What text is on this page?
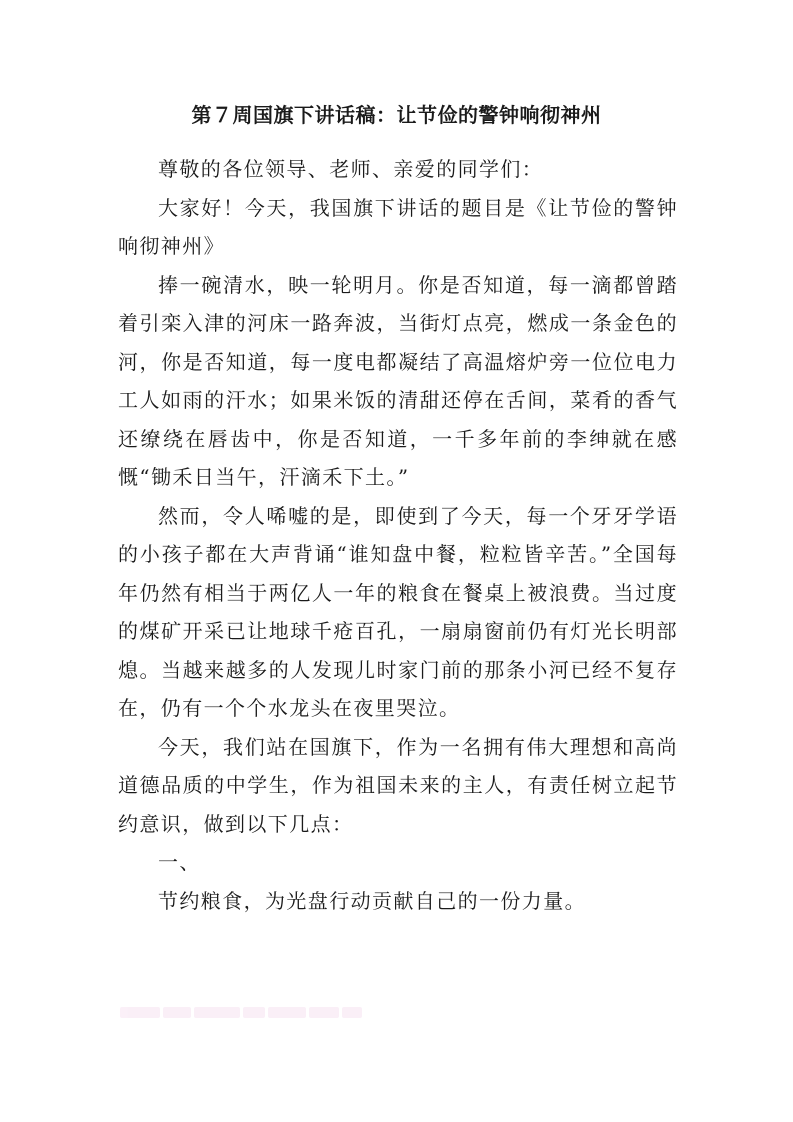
第７周国旗下讲话稿：让节俭的警钟响彻神州

尊敬的各位领导、老师、亲爱的同学们：

大家好！今天，我国旗下讲话的题目是《让节俭的警钟响彻神州》

捧一碗清水，映一轮明月。你是否知道，每一滴都曾踏着引栾入津的河床一路奔波，当街灯点亮，燃成一条金色的河，你是否知道，每一度电都凝结了高温熔炉旁一位位电力工人如雨的汗水；如果米饭的清甜还停在舌间，菜肴的香气还缭绕在唇齿中，你是否知道，一千多年前的李绅就在感慨“锄禾日当午，汗滴禾下土。”

然而，令人唏嘘的是，即使到了今天，每一个牙牙学语的小孩子都在大声背诵“谁知盘中餐，粒粒皆辛苦。”全国每年仍然有相当于两亿人一年的粮食在餐桌上被浪费。当过度的煤矿开采已让地球千疮百孔，一扇扇窗前仍有灯光长明部熄。当越来越多的人发现儿时家门前的那条小河已经不复存在，仍有一个个水龙头在夜里哭泣。

今天，我们站在国旗下，作为一名拥有伟大理想和高尚道德品质的中学生，作为祖国未来的主人，有责任树立起节约意识，做到以下几点：

一、

节约粮食，为光盘行动贡献自己的一份力量。
